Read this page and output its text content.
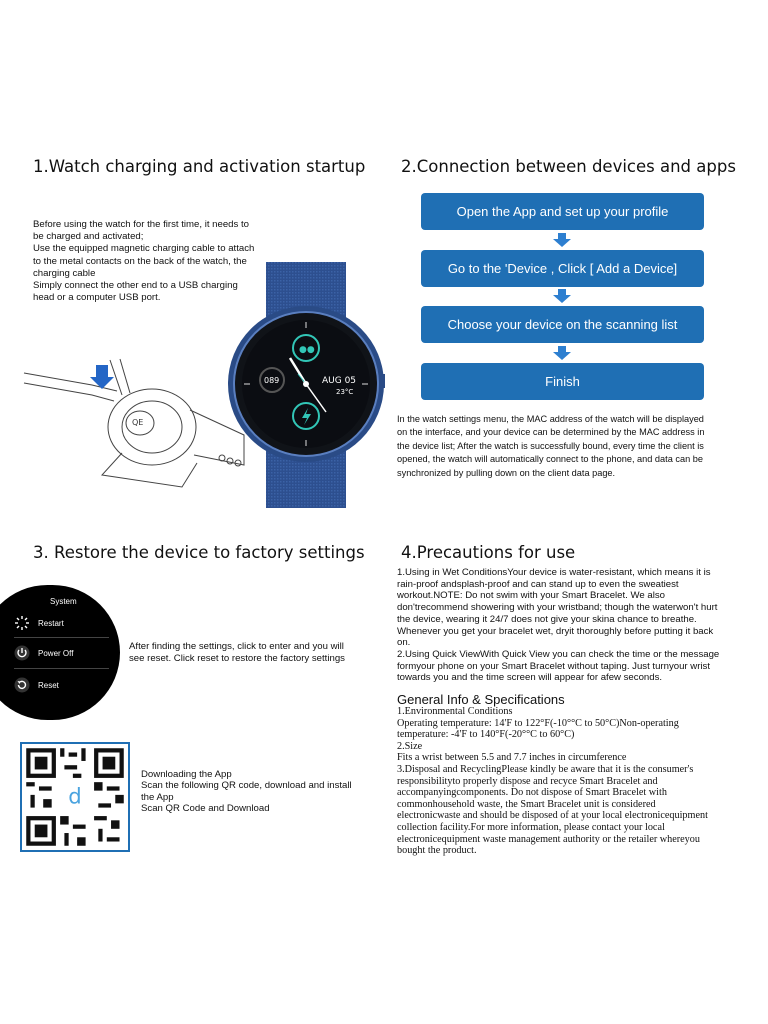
1.Watch charging and activation startup
Before using the watch for the first time, it needs to
be charged and activated;
Use the equipped magnetic charging cable to attach
to the metal contacts on the back of the watch, the
charging cable
Simply connect the other end to a USB charging
head or a computer USB port.
QE
●●
089	AUG 05
23°C
2.Connection between devices and apps
Open the App and set up your profile
Go to the 'Device , Click [ Add a Device]
Choose your device on the scanning list
Finish
In the watch settings menu, the MAC address of the watch will be displayed
on the interface, and your device can be determined by the MAC address in
the device list; After the watch is successfully bound, every time the client is
opened, the watch will automatically connect to the phone, and data can be
synchronized by pulling down on the client data page.
3. Restore the device to factory settings
System
Restart
Power Off
Reset
After finding the settings, click to enter and you will
see reset. Click reset to restore the factory settings
d
Downloading the App
Scan the following QR code, download and install
the App
Scan QR Code and Download
4.Precautions for use
1.Using in Wet ConditionsYour device is water-resistant, which means it is
rain-proof andsplash-proof and can stand up to even the sweatiest
workout.NOTE: Do not swim with your Smart Bracelet. We also
don'trecommend showering with your wristband; though the waterwon't hurt
the device, wearing it 24/7 does not give your skina chance to breathe.
Whenever you get your bracelet wet, dryit thoroughly before putting it back
on.
2.Using Quick ViewWith Quick View you can check the time or the message
formyour phone on your Smart Bracelet without taping. Just turnyour wrist
towards you and the time screen will appear for afew seconds.
General Info & Specifications
1.Environmental Conditions
Operating temperature: 14'F to 122°F(-10°°C to 50°C)Non-operating
temperature: -4'F to 140°F(-20°°C to 60°C)
2.Size
Fits a wrist between 5.5 and 7.7 inches in circumference
3.Disposal and RecyclingPlease kindly be aware that it is the consumer's
responsibilityto properly dispose and recyce Smart Bracelet and
accompanyingcomponents. Do not dispose of Smart Bracelet with
commonhousehold waste, the Smart Bracelet unit is considered
electronicwaste and should be disposed of at your local electronicequipment
collection facility.For more information, please contact your local
electronicequipment waste management authority or the retailer whereyou
bought the product.
